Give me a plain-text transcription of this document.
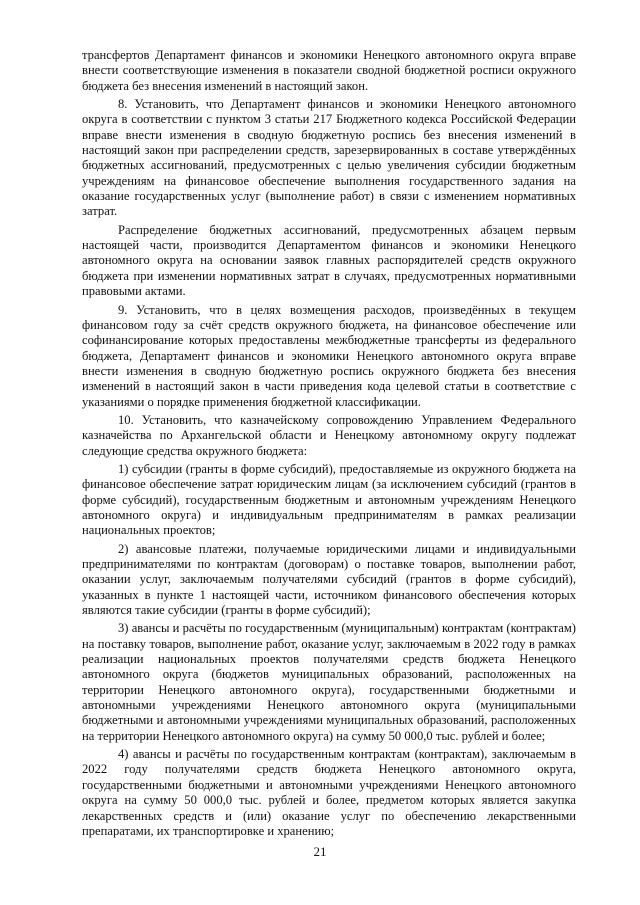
трансфертов Департамент финансов и экономики Ненецкого автономного округа вправе внести соответствующие изменения в показатели сводной бюджетной росписи окружного бюджета без внесения изменений в настоящий закон.

8. Установить, что Департамент финансов и экономики Ненецкого автономного округа в соответствии с пунктом 3 статьи 217 Бюджетного кодекса Российской Федерации вправе внести изменения в сводную бюджетную роспись без внесения изменений в настоящий закон при распределении средств, зарезервированных в составе утверждённых бюджетных ассигнований, предусмотренных с целью увеличения субсидии бюджетным учреждениям на финансовое обеспечение выполнения государственного задания на оказание государственных услуг (выполнение работ) в связи с изменением нормативных затрат.

Распределение бюджетных ассигнований, предусмотренных абзацем первым настоящей части, производится Департаментом финансов и экономики Ненецкого автономного округа на основании заявок главных распорядителей средств окружного бюджета при изменении нормативных затрат в случаях, предусмотренных нормативными правовыми актами.

9. Установить, что в целях возмещения расходов, произведённых в текущем финансовом году за счёт средств окружного бюджета, на финансовое обеспечение или софинансирование которых предоставлены межбюджетные трансферты из федерального бюджета, Департамент финансов и экономики Ненецкого автономного округа вправе внести изменения в сводную бюджетную роспись окружного бюджета без внесения изменений в настоящий закон в части приведения кода целевой статьи в соответствие с указаниями о порядке применения бюджетной классификации.

10. Установить, что казначейскому сопровождению Управлением Федерального казначейства по Архангельской области и Ненецкому автономному округу подлежат следующие средства окружного бюджета:

1) субсидии (гранты в форме субсидий), предоставляемые из окружного бюджета на финансовое обеспечение затрат юридическим лицам (за исключением субсидий (грантов в форме субсидий), государственным бюджетным и автономным учреждениям Ненецкого автономного округа) и индивидуальным предпринимателям в рамках реализации национальных проектов;

2) авансовые платежи, получаемые юридическими лицами и индивидуальными предпринимателями по контрактам (договорам) о поставке товаров, выполнении работ, оказании услуг, заключаемым получателями субсидий (грантов в форме субсидий), указанных в пункте 1 настоящей части, источником финансового обеспечения которых являются такие субсидии (гранты в форме субсидий);

3) авансы и расчёты по государственным (муниципальным) контрактам (контрактам) на поставку товаров, выполнение работ, оказание услуг, заключаемым в 2022 году в рамках реализации национальных проектов получателями средств бюджета Ненецкого автономного округа (бюджетов муниципальных образований, расположенных на территории Ненецкого автономного округа), государственными бюджетными и автономными учреждениями Ненецкого автономного округа (муниципальными бюджетными и автономными учреждениями муниципальных образований, расположенных на территории Ненецкого автономного округа) на сумму 50 000,0 тыс. рублей и более;

4) авансы и расчёты по государственным контрактам (контрактам), заключаемым в 2022 году получателями средств бюджета Ненецкого автономного округа, государственными бюджетными и автономными учреждениями Ненецкого автономного округа на сумму 50 000,0 тыс. рублей и более, предметом которых является закупка лекарственных средств и (или) оказание услуг по обеспечению лекарственными препаратами, их транспортировке и хранению;

21
